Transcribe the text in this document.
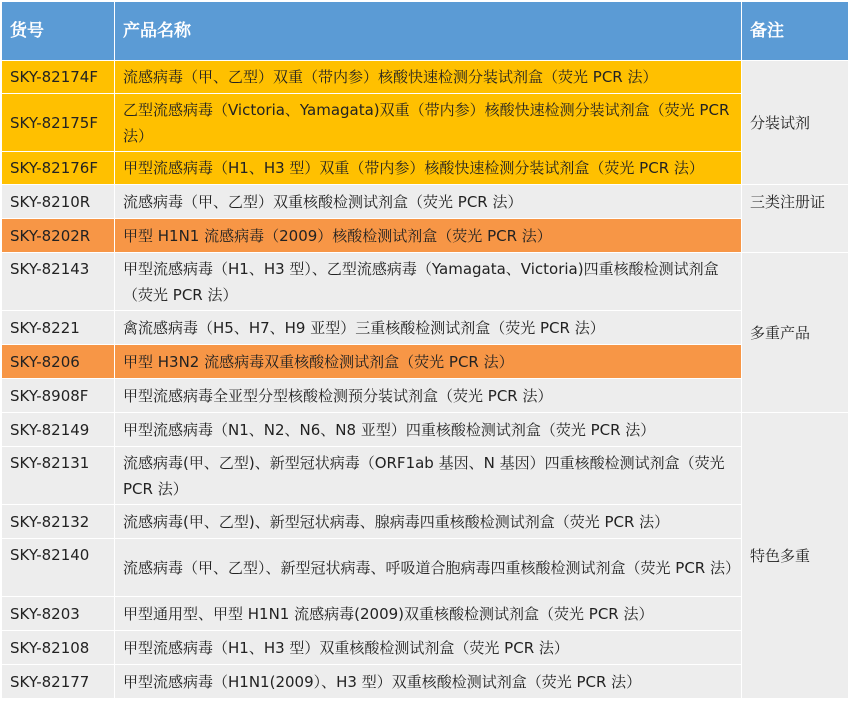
货号	产品名称	备注
SKY-82174F	流感病毒（甲、乙型）双重（带内参）核酸快速检测分装试剂盒（荧光 PCR 法）	分装试剂
SKY-82175F	乙型流感病毒（Victoria、Yamagata)双重（带内参）核酸快速检测分装试剂盒（荧光 PCR 法）	
SKY-82176F	甲型流感病毒（H1、H3 型）双重（带内参）核酸快速检测分装试剂盒（荧光 PCR 法）	
SKY-8210R	流感病毒（甲、乙型）双重核酸检测试剂盒（荧光 PCR 法）	三类注册证
SKY-8202R	甲型 H1N1 流感病毒（2009）核酸检测试剂盒（荧光 PCR 法）	
SKY-82143	甲型流感病毒（H1、H3 型）、乙型流感病毒（Yamagata、Victoria)四重核酸检测试剂盒（荧光 PCR 法）	多重产品
SKY-8221	禽流感病毒（H5、H7、H9 亚型）三重核酸检测试剂盒（荧光 PCR 法）	
SKY-8206	甲型 H3N2 流感病毒双重核酸检测试剂盒（荧光 PCR 法）	
SKY-8908F	甲型流感病毒全亚型分型核酸检测预分装试剂盒（荧光 PCR 法）	
SKY-82149	甲型流感病毒（N1、N2、N6、N8 亚型）四重核酸检测试剂盒（荧光 PCR 法）	特色多重
SKY-82131	流感病毒(甲、乙型)、新型冠状病毒（ORF1ab 基因、N 基因）四重核酸检测试剂盒（荧光 PCR 法）	
SKY-82132	流感病毒(甲、乙型)、新型冠状病毒、腺病毒四重核酸检测试剂盒（荧光 PCR 法）	
SKY-82140	流感病毒（甲、乙型）、新型冠状病毒、呼吸道合胞病毒四重核酸检测试剂盒（荧光 PCR 法）	
SKY-8203	甲型通用型、甲型 H1N1 流感病毒(2009)双重核酸检测试剂盒（荧光 PCR 法）	
SKY-82108	甲型流感病毒（H1、H3 型）双重核酸检测试剂盒（荧光 PCR 法）	
SKY-82177	甲型流感病毒（H1N1(2009）、H3 型）双重核酸检测试剂盒（荧光 PCR 法）	
